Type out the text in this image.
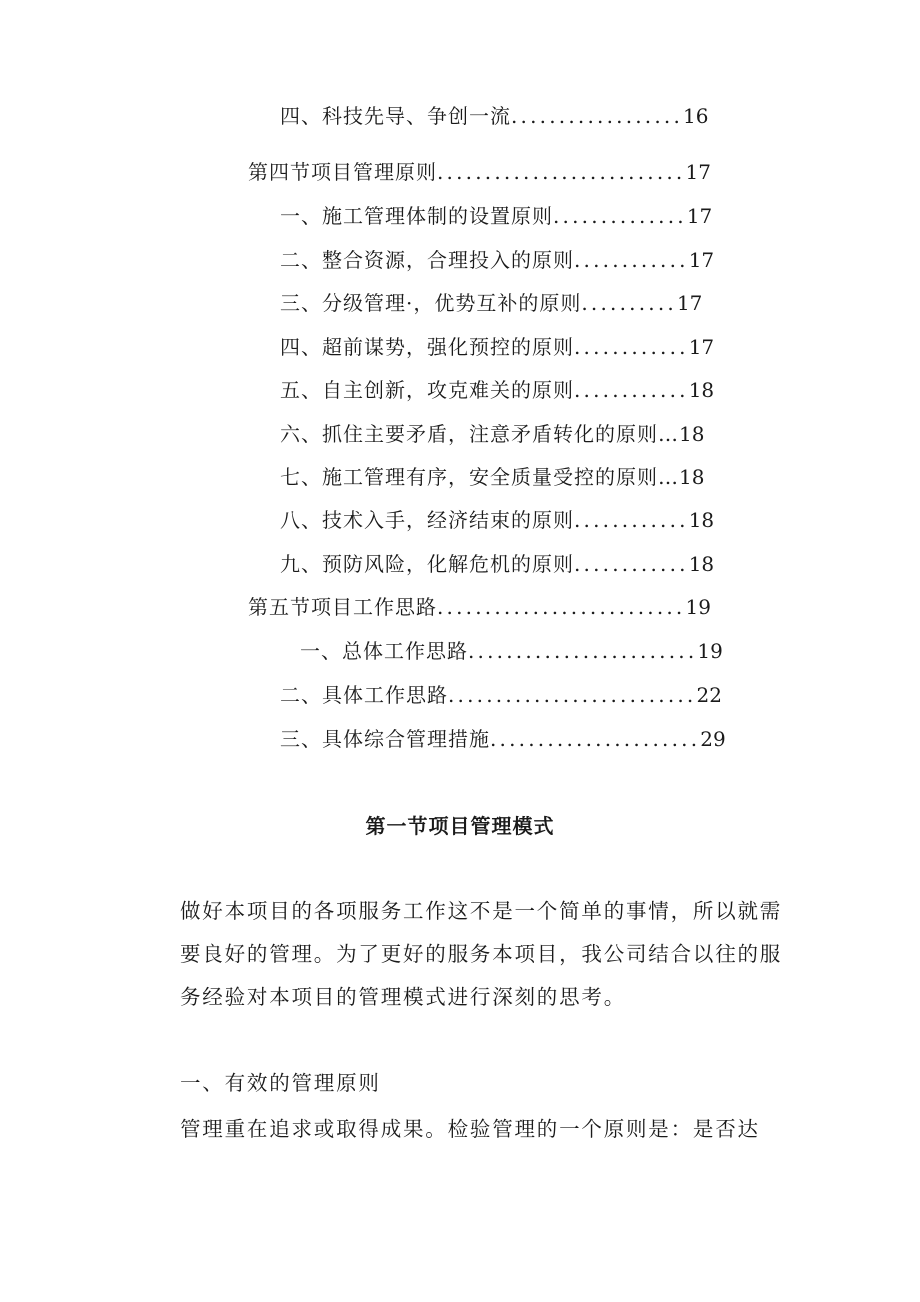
四、科技先导、争创一流..................16
第四节项目管理原则..........................17
一、施工管理体制的设置原则..............17
二、整合资源，合理投入的原则............17
三、分级管理·，优势互补的原则..........17
四、超前谋势，强化预控的原则............17
五、自主创新，攻克难关的原则............18
六、抓住主要矛盾，注意矛盾转化的原则…18
七、施工管理有序，安全质量受控的原则…18
八、技术入手，经济结束的原则............18
九、预防风险，化解危机的原则............18
第五节项目工作思路..........................19
一、总体工作思路........................19
二、具体工作思路..........................22
三、具体综合管理措施......................29
第一节项目管理模式

做好本项目的各项服务工作这不是一个简单的事情，所以就需要良好的管理。为了更好的服务本项目，我公司结合以往的服务经验对本项目的管理模式进行深刻的思考。

一、有效的管理原则

管理重在追求或取得成果。检验管理的一个原则是：是否达
